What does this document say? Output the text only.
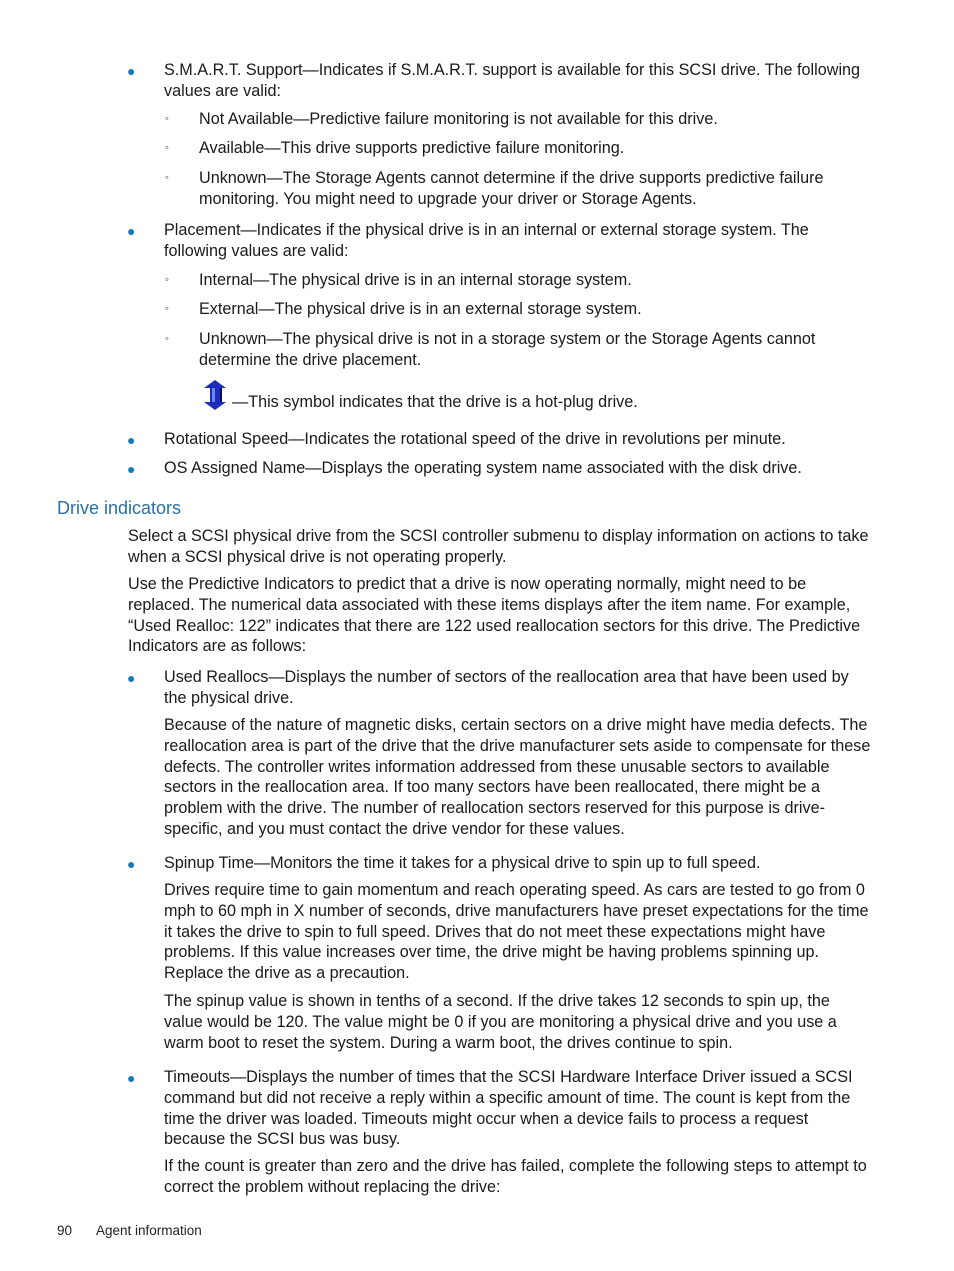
● S.M.A.R.T. Support—Indicates if S.M.A.R.T. support is available for this SCSI drive. The following values are valid:

◦ Not Available—Predictive failure monitoring is not available for this drive.

◦ Available—This drive supports predictive failure monitoring.

◦ Unknown—The Storage Agents cannot determine if the drive supports predictive failure monitoring. You might need to upgrade your driver or Storage Agents.

● Placement—Indicates if the physical drive is in an internal or external storage system. The following values are valid:

◦ Internal—The physical drive is in an internal storage system.

◦ External—The physical drive is in an external storage system.

◦ Unknown—The physical drive is not in a storage system or the Storage Agents cannot determine the drive placement.

—This symbol indicates that the drive is a hot-plug drive.

● Rotational Speed—Indicates the rotational speed of the drive in revolutions per minute.

● OS Assigned Name—Displays the operating system name associated with the disk drive.

Drive indicators

Select a SCSI physical drive from the SCSI controller submenu to display information on actions to take when a SCSI physical drive is not operating properly.

Use the Predictive Indicators to predict that a drive is now operating normally, might need to be replaced. The numerical data associated with these items displays after the item name. For example, “Used Realloc: 122” indicates that there are 122 used reallocation sectors for this drive. The Predictive Indicators are as follows:

● Used Reallocs—Displays the number of sectors of the reallocation area that have been used by the physical drive.

Because of the nature of magnetic disks, certain sectors on a drive might have media defects. The reallocation area is part of the drive that the drive manufacturer sets aside to compensate for these defects. The controller writes information addressed from these unusable sectors to available sectors in the reallocation area. If too many sectors have been reallocated, there might be a problem with the drive. The number of reallocation sectors reserved for this purpose is drive-specific, and you must contact the drive vendor for these values.

● Spinup Time—Monitors the time it takes for a physical drive to spin up to full speed.

Drives require time to gain momentum and reach operating speed. As cars are tested to go from 0 mph to 60 mph in X number of seconds, drive manufacturers have preset expectations for the time it takes the drive to spin to full speed. Drives that do not meet these expectations might have problems. If this value increases over time, the drive might be having problems spinning up. Replace the drive as a precaution.

The spinup value is shown in tenths of a second. If the drive takes 12 seconds to spin up, the value would be 120. The value might be 0 if you are monitoring a physical drive and you use a warm boot to reset the system. During a warm boot, the drives continue to spin.

● Timeouts—Displays the number of times that the SCSI Hardware Interface Driver issued a SCSI command but did not receive a reply within a specific amount of time. The count is kept from the time the driver was loaded. Timeouts might occur when a device fails to process a request because the SCSI bus was busy.

If the count is greater than zero and the drive has failed, complete the following steps to attempt to correct the problem without replacing the drive:

90 Agent information
